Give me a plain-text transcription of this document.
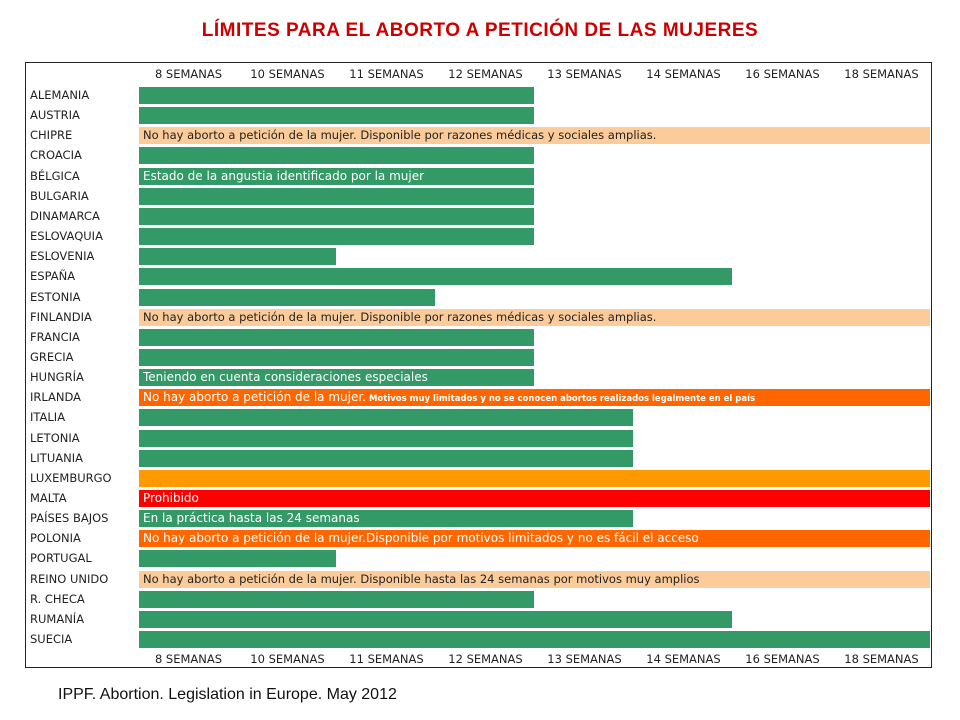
LÍMITES PARA EL ABORTO A PETICIÓN DE LAS MUJERES
8 SEMANAS
8 SEMANAS
10 SEMANAS
10 SEMANAS
11 SEMANAS
11 SEMANAS
12 SEMANAS
12 SEMANAS
13 SEMANAS
13 SEMANAS
14 SEMANAS
14 SEMANAS
16 SEMANAS
16 SEMANAS
18 SEMANAS
18 SEMANAS
ALEMANIA
AUSTRIA
CHIPRE	No hay aborto a petición de la mujer. Disponible por razones médicas y sociales amplias.
CROACIA
BÉLGICA	Estado de la angustia identificado por la mujer
BULGARIA
DINAMARCA
ESLOVAQUIA
ESLOVENIA
ESPAÑA
ESTONIA
FINLANDIA	No hay aborto a petición de la mujer. Disponible por razones médicas y sociales amplias.
FRANCIA
GRECIA
HUNGRÍA	Teniendo en cuenta consideraciones especiales
IRLANDA	No hay aborto a petición de la mujer. Motivos muy limitados y no se conocen abortos realizados legalmente en el país
ITALIA
LETONIA
LITUANIA
LUXEMBURGO
MALTA	Prohibido
PAÍSES BAJOS	En la práctica hasta las 24 semanas
POLONIA	No hay aborto a petición de la mujer.Disponible por motivos limitados y no es fácil el acceso
PORTUGAL
REINO UNIDO	No hay aborto a petición de la mujer. Disponible hasta las 24 semanas por motivos muy amplios
R. CHECA
RUMANÍA
SUECIA
IPPF. Abortion. Legislation in Europe. May 2012
